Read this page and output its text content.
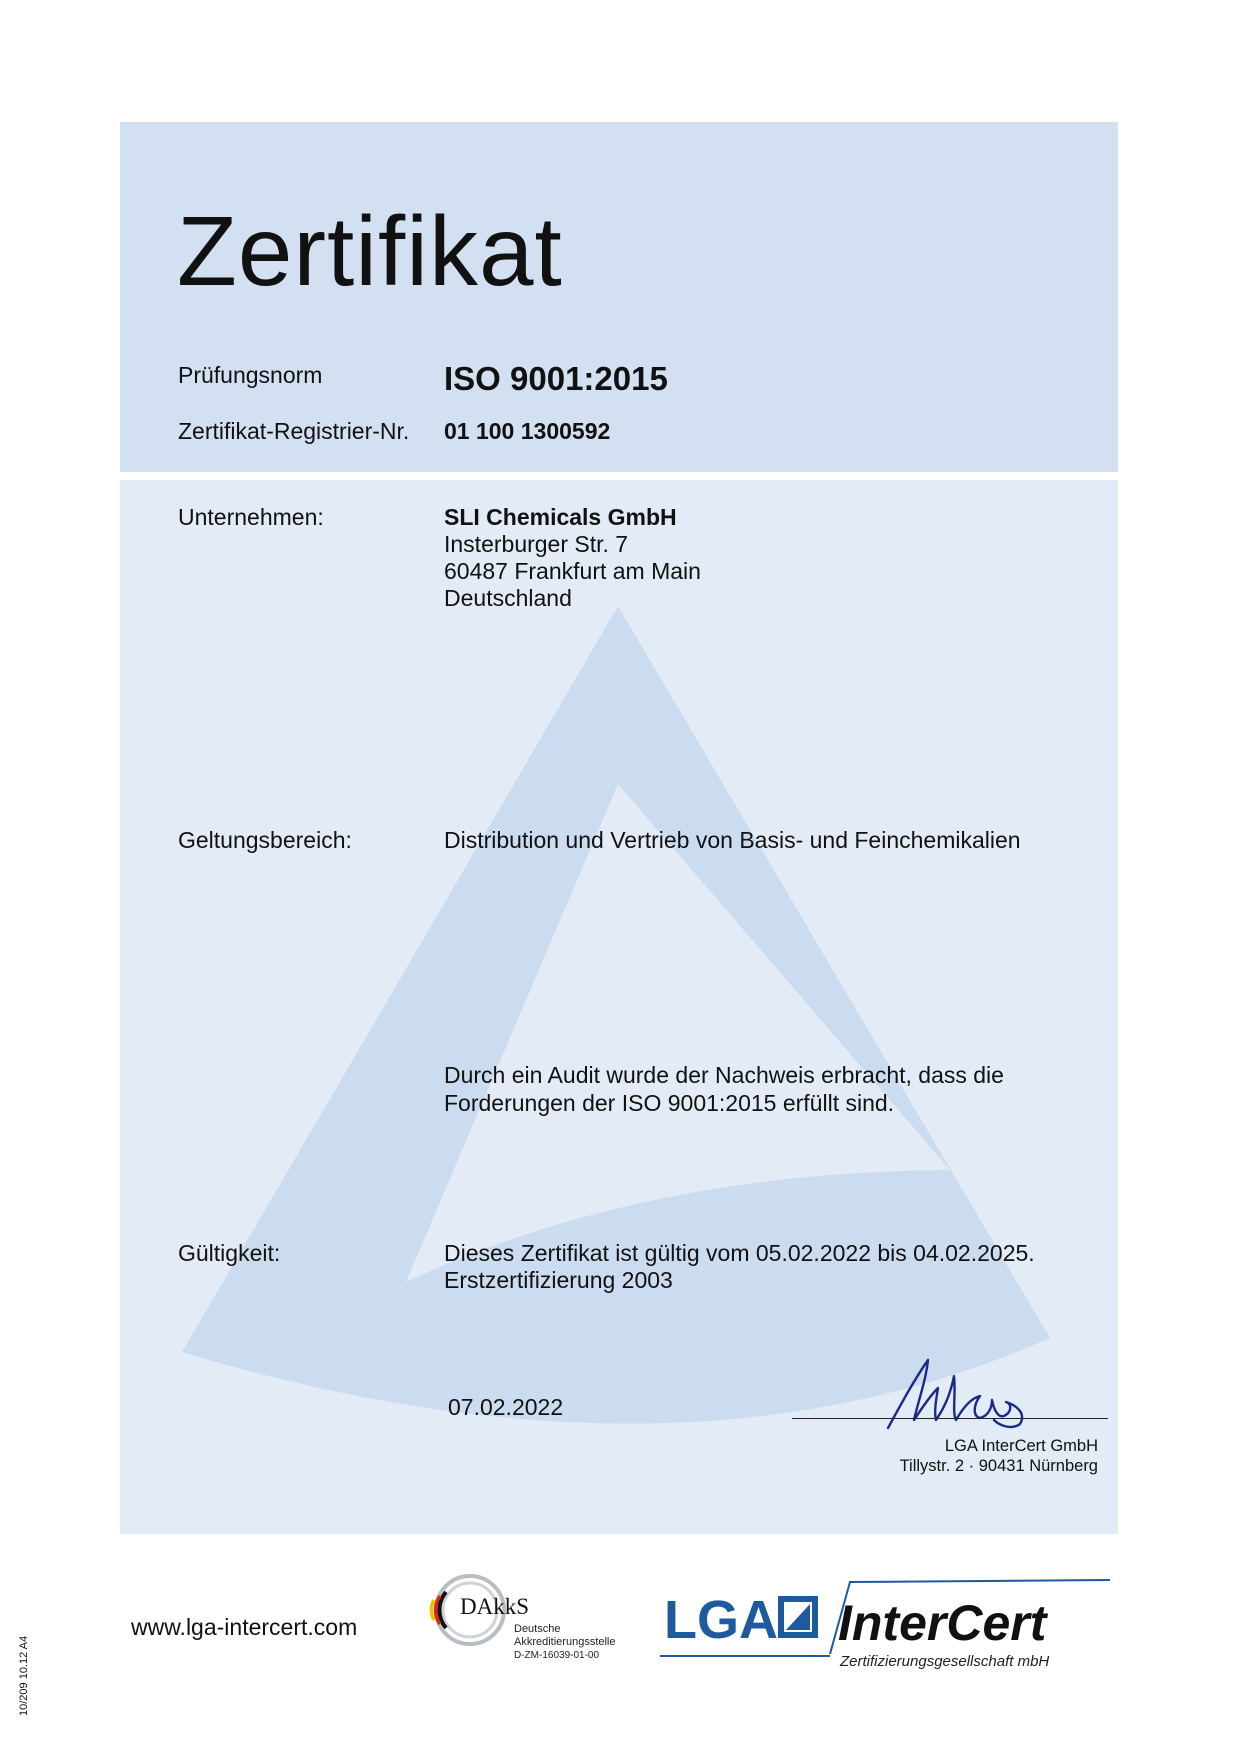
Zertifikat
Prüfungsnorm	ISO 9001:2015
Zertifikat-Registrier-Nr. 01 100 1300592
Unternehmen:	SLI Chemicals GmbH
Insterburger Str. 7
60487 Frankfurt am Main
Deutschland
Geltungsbereich:	Distribution und Vertrieb von Basis- und Feinchemikalien
Durch ein Audit wurde der Nachweis erbracht, dass die
Forderungen der ISO 9001:2015 erfüllt sind.
Gültigkeit:	Dieses Zertifikat ist gültig vom 05.02.2022 bis 04.02.2025.
Erstzertifizierung 2003
07.02.2022
LGA InterCert GmbH
Tillystr. 2 · 90431 Nürnberg
www.lga-intercert.com
10/209 10.12 A4
DAkkS
Deutsche
Akkreditierungsstelle
D-ZM-16039-01-00
LGA InterCert
Zertifizierungsgesellschaft mbH
